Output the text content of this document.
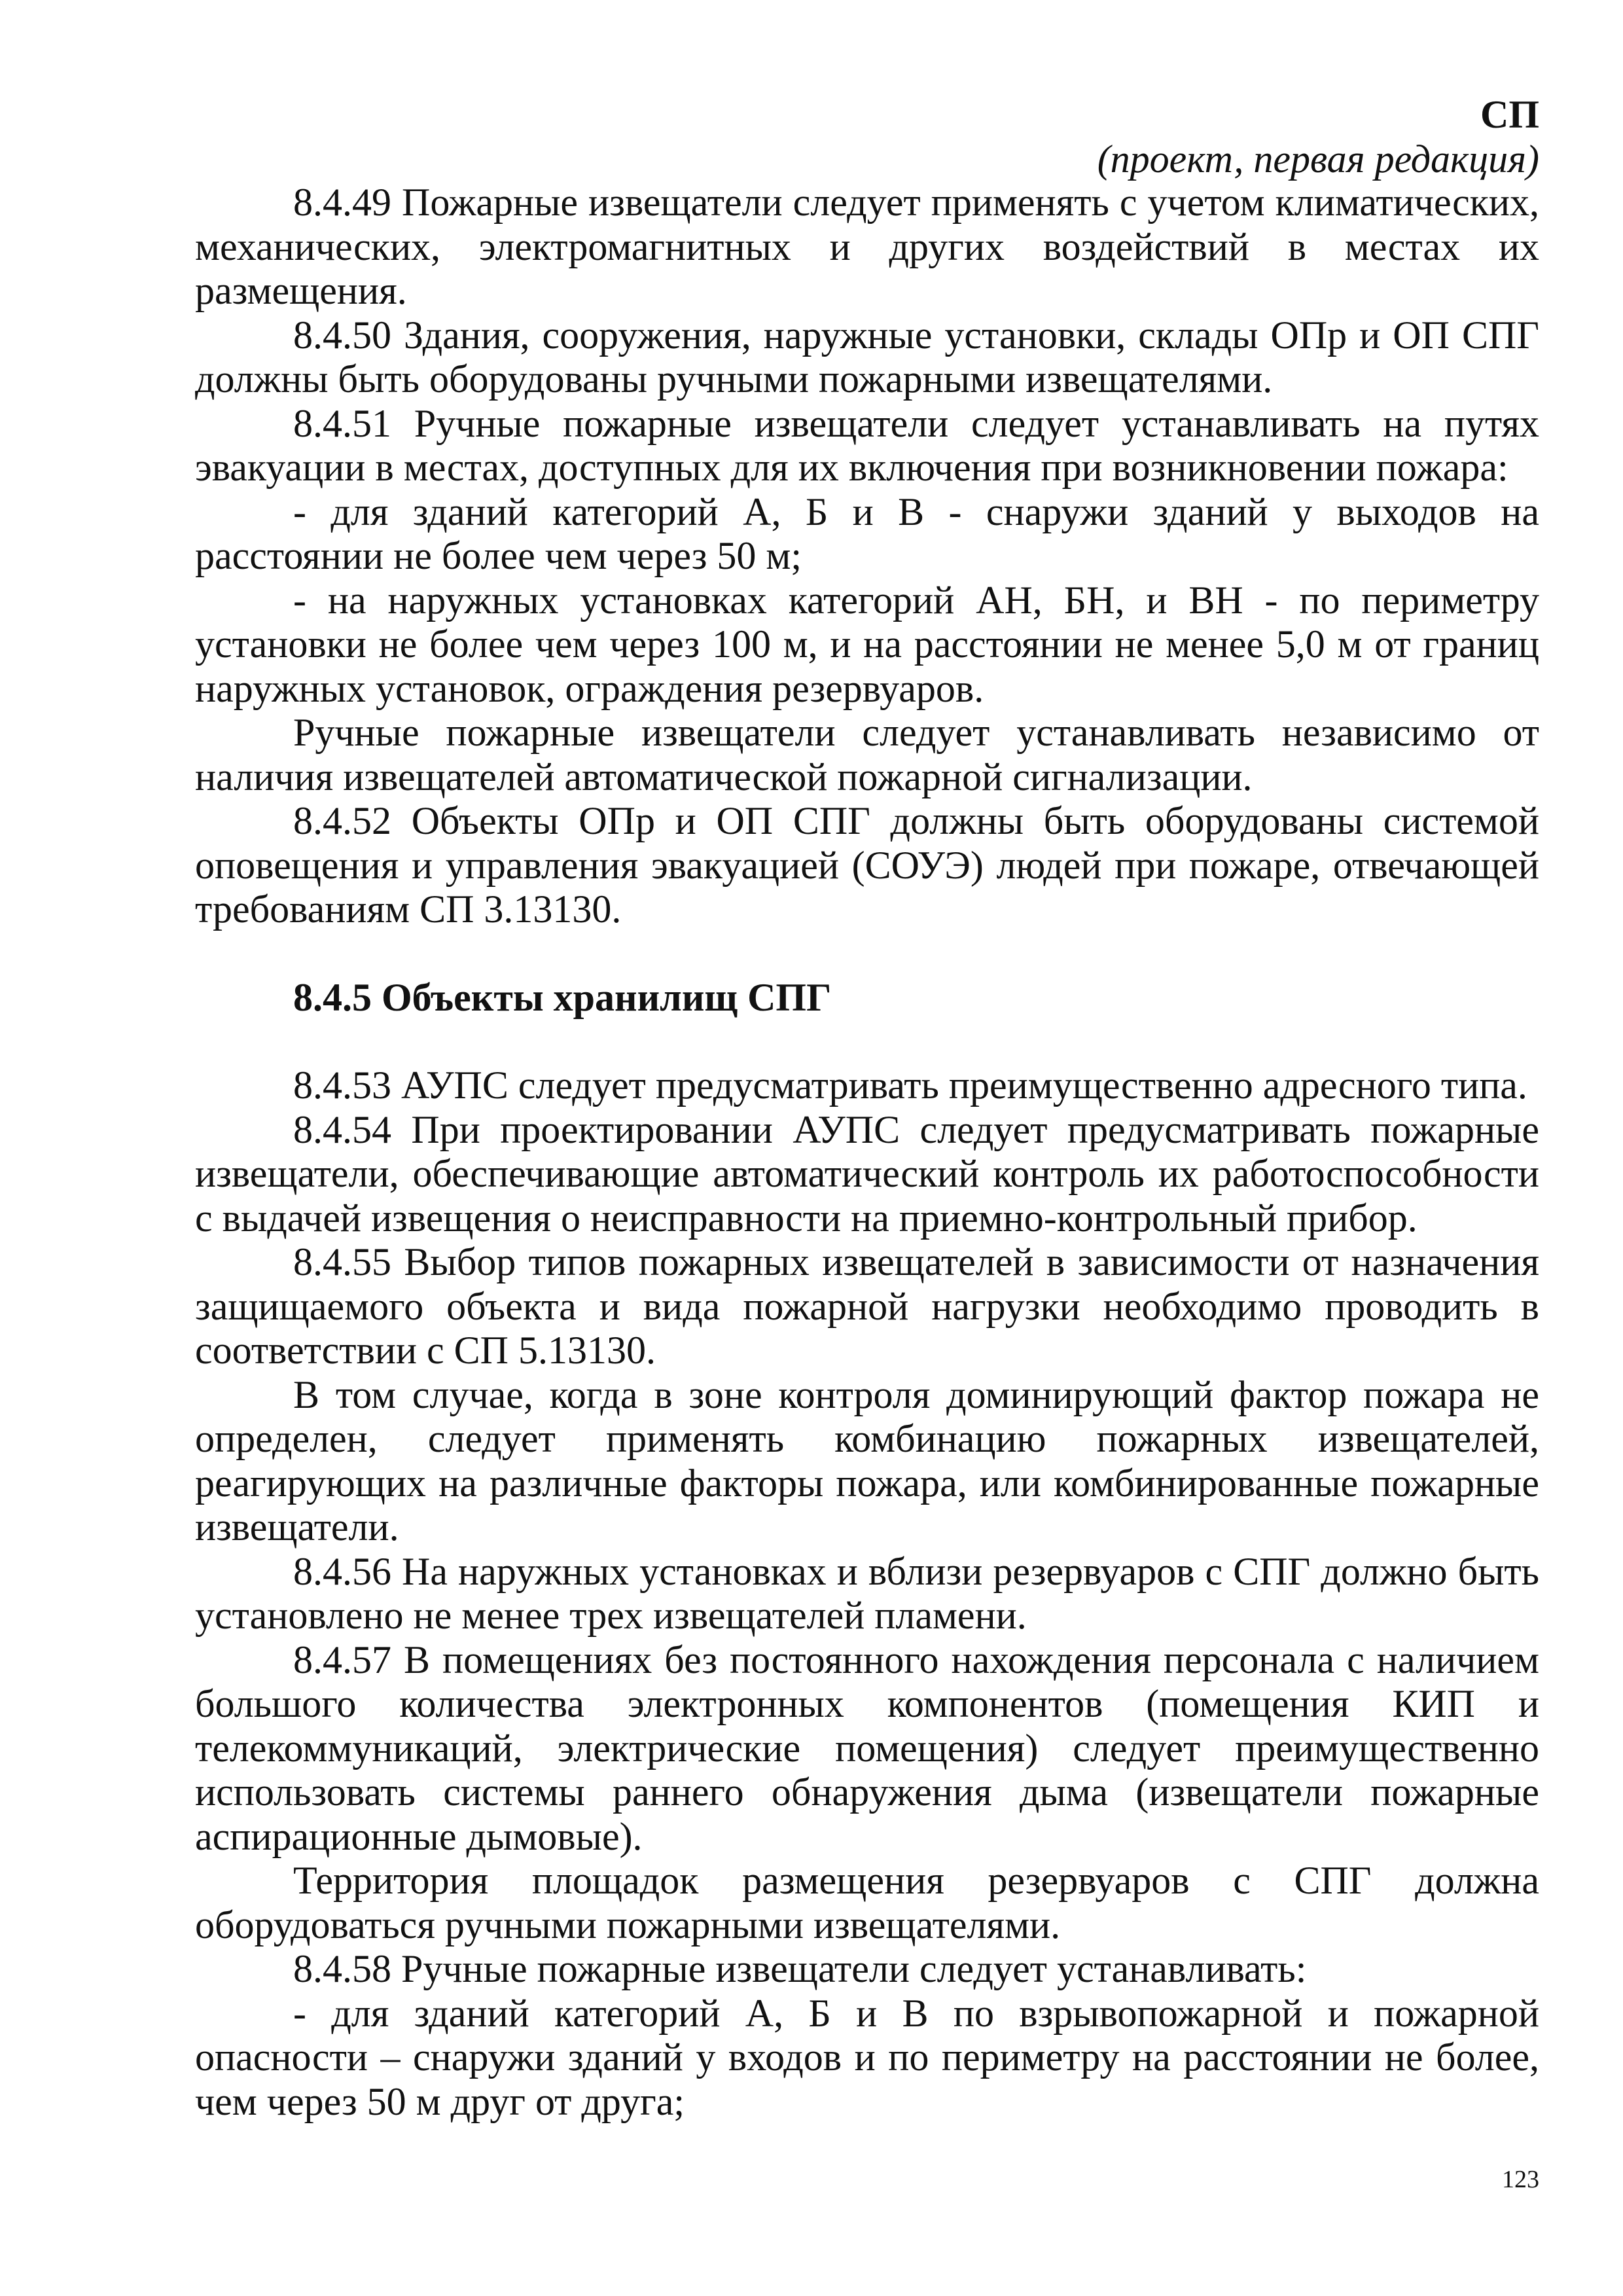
СП

(проект, первая редакция)

8.4.49 Пожарные извещатели следует применять с учетом климатических, механических, электромагнитных и других воздействий в местах их размещения.

8.4.50 Здания, сооружения, наружные установки, склады ОПр и ОП СПГ должны быть оборудованы ручными пожарными извещателями.

8.4.51 Ручные пожарные извещатели следует устанавливать на путях эвакуации в местах, доступных для их включения при возникновении пожара:

- для зданий категорий А, Б и В - снаружи зданий у выходов на расстоянии не более чем через 50 м;

- на наружных установках категорий АН, БН, и ВН - по периметру установки не более чем через 100 м, и на расстоянии не менее 5,0 м от границ наружных установок, ограждения резервуаров.

Ручные пожарные извещатели следует устанавливать независимо от наличия извещателей автоматической пожарной сигнализации.

8.4.52 Объекты ОПр и ОП СПГ должны быть оборудованы системой оповещения и управления эвакуацией (СОУЭ) людей при пожаре, отвечающей требованиям СП 3.13130.

8.4.5 Объекты хранилищ СПГ

8.4.53 АУПС следует предусматривать преимущественно адресного типа.

8.4.54 При проектировании АУПС следует предусматривать пожарные извещатели, обеспечивающие автоматический контроль их работоспособности с выдачей извещения о неисправности на приемно-контрольный прибор.

8.4.55 Выбор типов пожарных извещателей в зависимости от назначения защищаемого объекта и вида пожарной нагрузки необходимо проводить в соответствии с СП 5.13130.

В том случае, когда в зоне контроля доминирующий фактор пожара не определен, следует применять комбинацию пожарных извещателей, реагирующих на различные факторы пожара, или комбинированные пожарные извещатели.

8.4.56 На наружных установках и вблизи резервуаров с СПГ должно быть установлено не менее трех извещателей пламени.

8.4.57 В помещениях без постоянного нахождения персонала с наличием большого количества электронных компонентов (помещения КИП и телекоммуникаций, электрические помещения) следует преимущественно использовать системы раннего обнаружения дыма (извещатели пожарные аспирационные дымовые).

Территория площадок размещения резервуаров с СПГ должна оборудоваться ручными пожарными извещателями.

8.4.58 Ручные пожарные извещатели следует устанавливать:

- для зданий категорий А, Б и В по взрывопожарной и пожарной опасности – снаружи зданий у входов и по периметру на расстоянии не более, чем через 50 м друг от друга;

123
